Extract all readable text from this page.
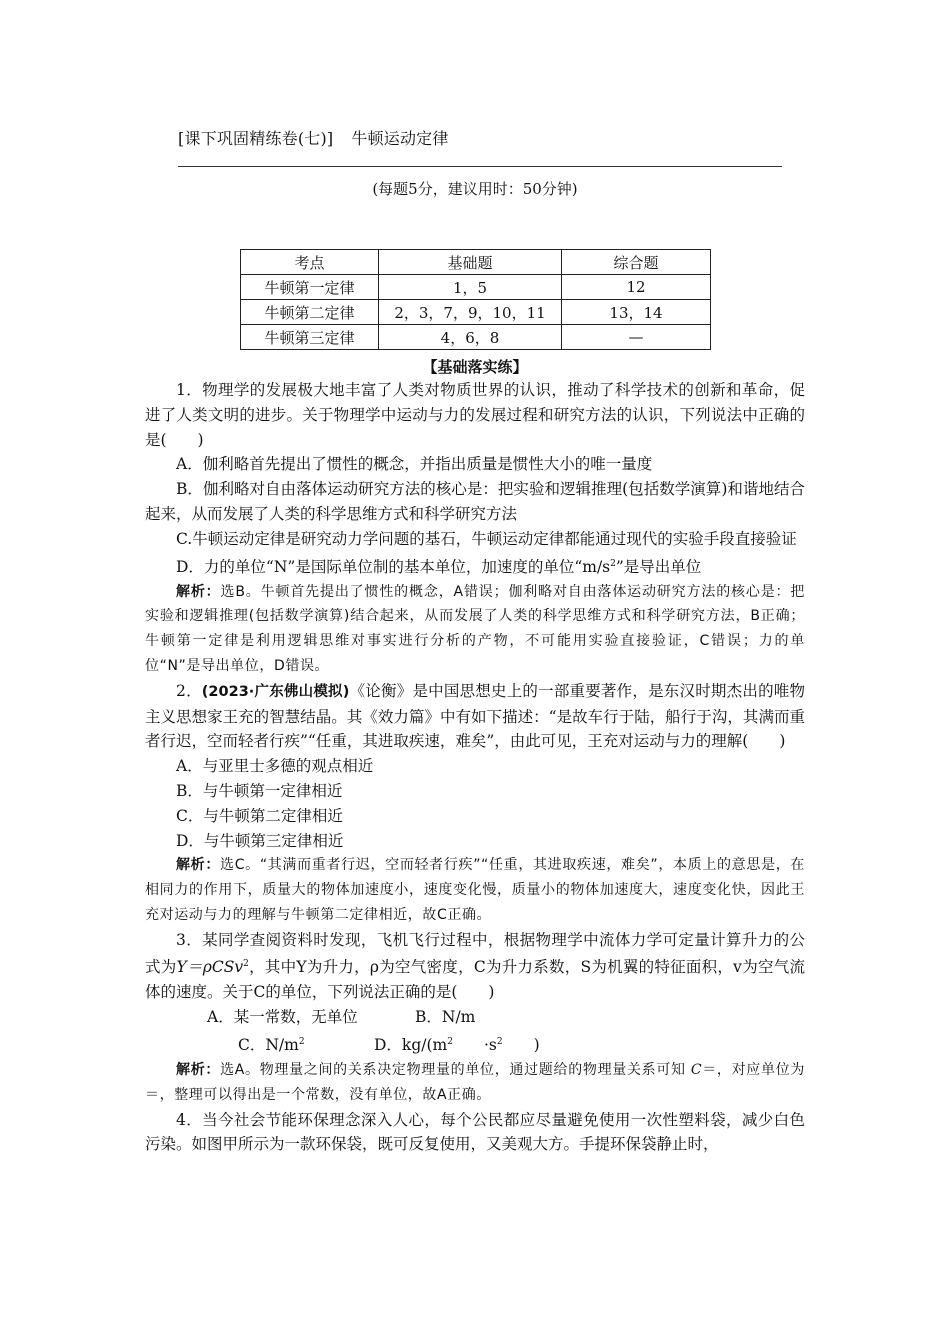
[课下巩固精练卷(七)] 牛顿运动定律
(每题5分，建议用时：50分钟)
考点	基础题	综合题
牛顿第一定律	1，5	12
牛顿第二定律	2，3，7，9，10，11	13，14
牛顿第三定律	4，6，8	—
【基础落实练】

1．物理学的发展极大地丰富了人类对物质世界的认识，推动了科学技术的创新和革命，促进了人类文明的进步。关于物理学中运动与力的发展过程和研究方法的认识，下列说法中正确的是(　　)

A．伽利略首先提出了惯性的概念，并指出质量是惯性大小的唯一量度

B．伽利略对自由落体运动研究方法的核心是：把实验和逻辑推理(包括数学演算)和谐地结合起来，从而发展了人类的科学思维方式和科学研究方法

C.牛顿运动定律是研究动力学问题的基石，牛顿运动定律都能通过现代的实验手段直接验证

D．力的单位“N”是国际单位制的基本单位，加速度的单位“$m/s^2$”是导出单位

解析：选B。牛顿首先提出了惯性的概念，A错误；伽利略对自由落体运动研究方法的核心是：把实验和逻辑推理(包括数学演算)结合起来，从而发展了人类的科学思维方式和科学研究方法，B正确；牛顿第一定律是利用逻辑思维对事实进行分析的产物，不可能用实验直接验证，C错误；力的单位“N”是导出单位，D错误。

2．(2023·广东佛山模拟)《论衡》是中国思想史上的一部重要著作，是东汉时期杰出的唯物主义思想家王充的智慧结晶。其《效力篇》中有如下描述：“是故车行于陆，船行于沟，其满而重者行迟，空而轻者行疾”“任重，其进取疾速，难矣”，由此可见，王充对运动与力的理解(　　)

A．与亚里士多德的观点相近

B．与牛顿第一定律相近

C．与牛顿第二定律相近

D．与牛顿第三定律相近

解析：选C。“其满而重者行迟，空而轻者行疾”“任重，其进取疾速，难矣”，本质上的意思是，在相同力的作用下，质量大的物体加速度小，速度变化慢，质量小的物体加速度大，速度变化快，因此王充对运动与力的理解与牛顿第二定律相近，故C正确。

3．某同学查阅资料时发现，飞机飞行过程中，根据物理学中流体力学可定量计算升力的公式为Y＝ρCSv$^2$，其中Y为升力，ρ为空气密度，C为升力系数，S为机翼的特征面积，v为空气流体的速度。关于C的单位，下列说法正确的是(　　)

A．某一常数，无单位	B．N/m

C．$N/m^2$	D．$kg/(m^2 \cdot s^2$ )

解析：选A。物理量之间的关系决定物理量的单位，通过题给的物理量关系可知 C＝，对应单位为＝，整理可以得出是一个常数，没有单位，故A正确。

4．当今社会节能环保理念深入人心，每个公民都应尽量避免使用一次性塑料袋，减少白色污染。如图甲所示为一款环保袋，既可反复使用，又美观大方。手提环保袋静止时，
